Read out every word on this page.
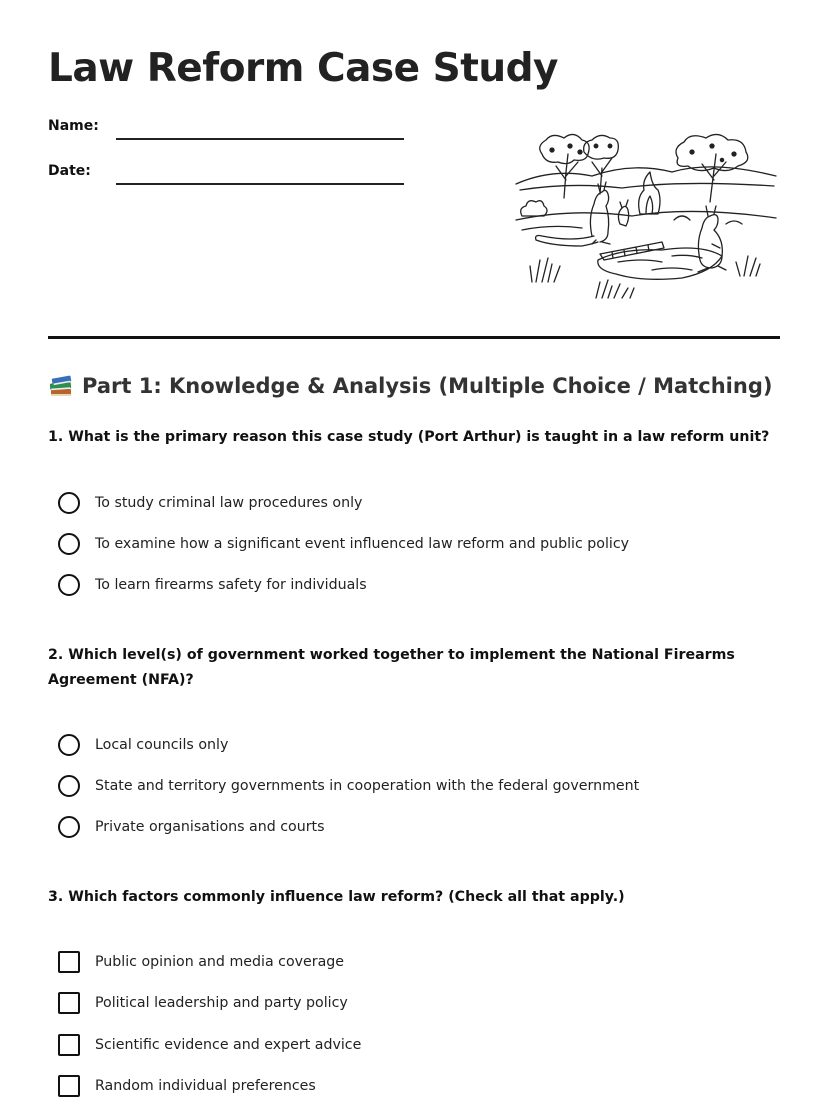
Law Reform Case Study
Name:
Date:
Part 1: Knowledge & Analysis (Multiple Choice / Matching)
1. What is the primary reason this case study (Port Arthur) is taught in a law reform unit?
To study criminal law procedures only
To examine how a significant event influenced law reform and public policy
To learn firearms safety for individuals
2. Which level(s) of government worked together to implement the National Firearms Agreement (NFA)?
Local councils only
State and territory governments in cooperation with the federal government
Private organisations and courts
3. Which factors commonly influence law reform? (Check all that apply.)
Public opinion and media coverage
Political leadership and party policy
Scientific evidence and expert advice
Random individual preferences
